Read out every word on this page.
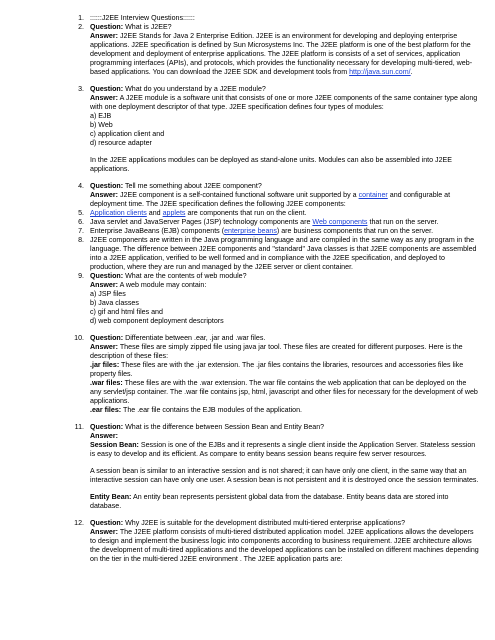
1. ::::::J2EE Interview Questions::::::

2. Question: What is J2EE?

Answer: J2EE Stands for Java 2 Enterprise Edition. J2EE is an environment for developing and deploying enterprise applications. J2EE specification is defined by Sun Microsystems Inc. The J2EE platform is one of the best platform for the development and deployment of enterprise applications. The J2EE platform is consists of a set of services, application programming interfaces (APIs), and protocols, which provides the functionality necessary for developing multi-tiered, web-based applications. You can download the J2EE SDK and development tools from http://java.sun.com/.

3. Question: What do you understand by a J2EE module?

Answer: A J2EE module is a software unit that consists of one or more J2EE components of the same container type along with one deployment descriptor of that type. J2EE specification defines four types of modules:

a) EJB
b) Web
c) application client and
d) resource adapter

In the J2EE applications modules can be deployed as stand-alone units. Modules can also be assembled into J2EE applications.

4. Question: Tell me something about J2EE component?

Answer: J2EE component is a self-contained functional software unit supported by a container and configurable at deployment time. The J2EE specification defines the following J2EE components:

5. Application clients and applets are components that run on the client.

6. Java servlet and JavaServer Pages (JSP) technology components are Web components that run on the server.

7. Enterprise JavaBeans (EJB) components (enterprise beans) are business components that run on the server.

8. J2EE components are written in the Java programming language and are compiled in the same way as any program in the language. The difference between J2EE components and "standard" Java classes is that J2EE components are assembled into a J2EE application, verified to be well formed and in compliance with the J2EE specification, and deployed to production, where they are run and managed by the J2EE server or client container.

9. Question: What are the contents of web module?

Answer: A web module may contain:

a) JSP files
b) Java classes
c) gif and html files and
d) web component deployment descriptors
10. Question: Differentiate between .ear, .jar and .war files.

Answer: These files are simply zipped file using java jar tool. These files are created for different purposes. Here is the description of these files:

.jar files: These files are with the .jar extension. The .jar files contains the libraries, resources and accessories files like property files.

.war files: These files are with the .war extension. The war file contains the web application that can be deployed on the any servlet/jsp container. The .war file contains jsp, html, javascript and other files for necessary for the development of web applications.

.ear files: The .ear file contains the EJB modules of the application.

11. Question: What is the difference between Session Bean and Entity Bean?

Answer:

Session Bean: Session is one of the EJBs and it represents a single client inside the Application Server. Stateless session is easy to develop and its efficient. As compare to entity beans session beans require few server resources.

A session bean is similar to an interactive session and is not shared; it can have only one client, in the same way that an interactive session can have only one user. A session bean is not persistent and it is destroyed once the session terminates.

Entity Bean: An entity bean represents persistent global data from the database. Entity beans data are stored into database.

12. Question: Why J2EE is suitable for the development distributed multi-tiered enterprise applications?

Answer: The J2EE platform consists of multi-tiered distributed application model. J2EE applications allows the developers to design and implement the business logic into components according to business requirement. J2EE architecture allows the development of multi-tired applications and the developed applications can be installed on different machines depending on the tier in the multi-tiered J2EE environment . The J2EE application parts are:
